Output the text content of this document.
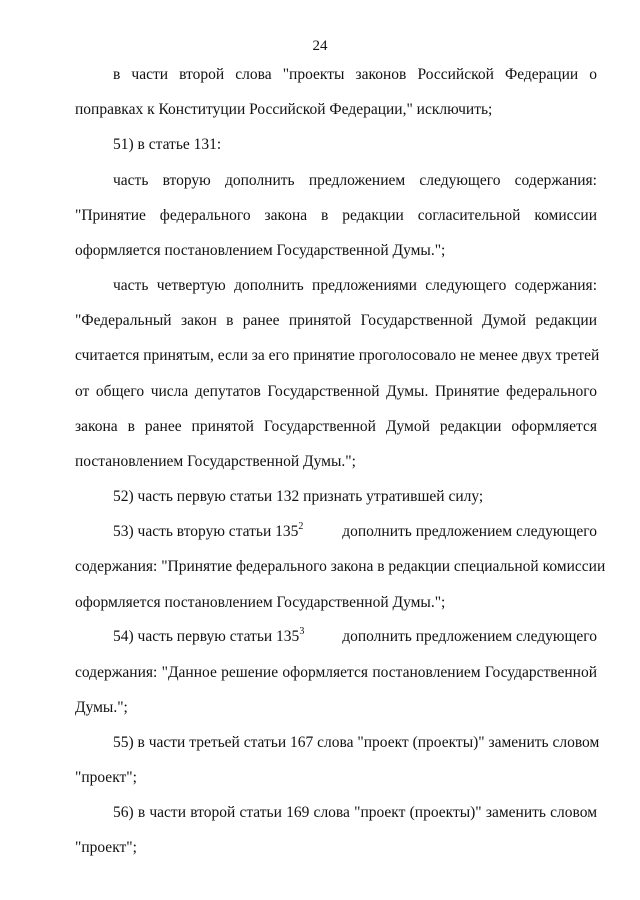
24
в части второй слова "проекты законов Российской Федерации о
поправках к Конституции Российской Федерации," исключить;
51) в статье 131:
часть вторую дополнить предложением следующего содержания:
"Принятие федерального закона в редакции согласительной комиссии
оформляется постановлением Государственной Думы.";
часть четвертую дополнить предложениями следующего содержания:
"Федеральный закон в ранее принятой Государственной Думой редакции
считается принятым, если за его принятие проголосовало не менее двух третей
от общего числа депутатов Государственной Думы. Принятие федерального
закона в ранее принятой Государственной Думой редакции оформляется
постановлением Государственной Думы.";
52) часть первую статьи 132 признать утратившей силу;
53) часть вторую статьи $135^2$	дополнить предложением следующего
содержания: "Принятие федерального закона в редакции специальной комиссии
оформляется постановлением Государственной Думы.";
54) часть первую статьи $135^3$ дополнить предложением следующего
содержания: "Данное решение оформляется постановлением Государственной
Думы.";
55) в части третьей статьи 167 слова "проект (проекты)" заменить словом
"проект";
56) в части второй статьи 169 слова "проект (проекты)" заменить словом
"проект";
